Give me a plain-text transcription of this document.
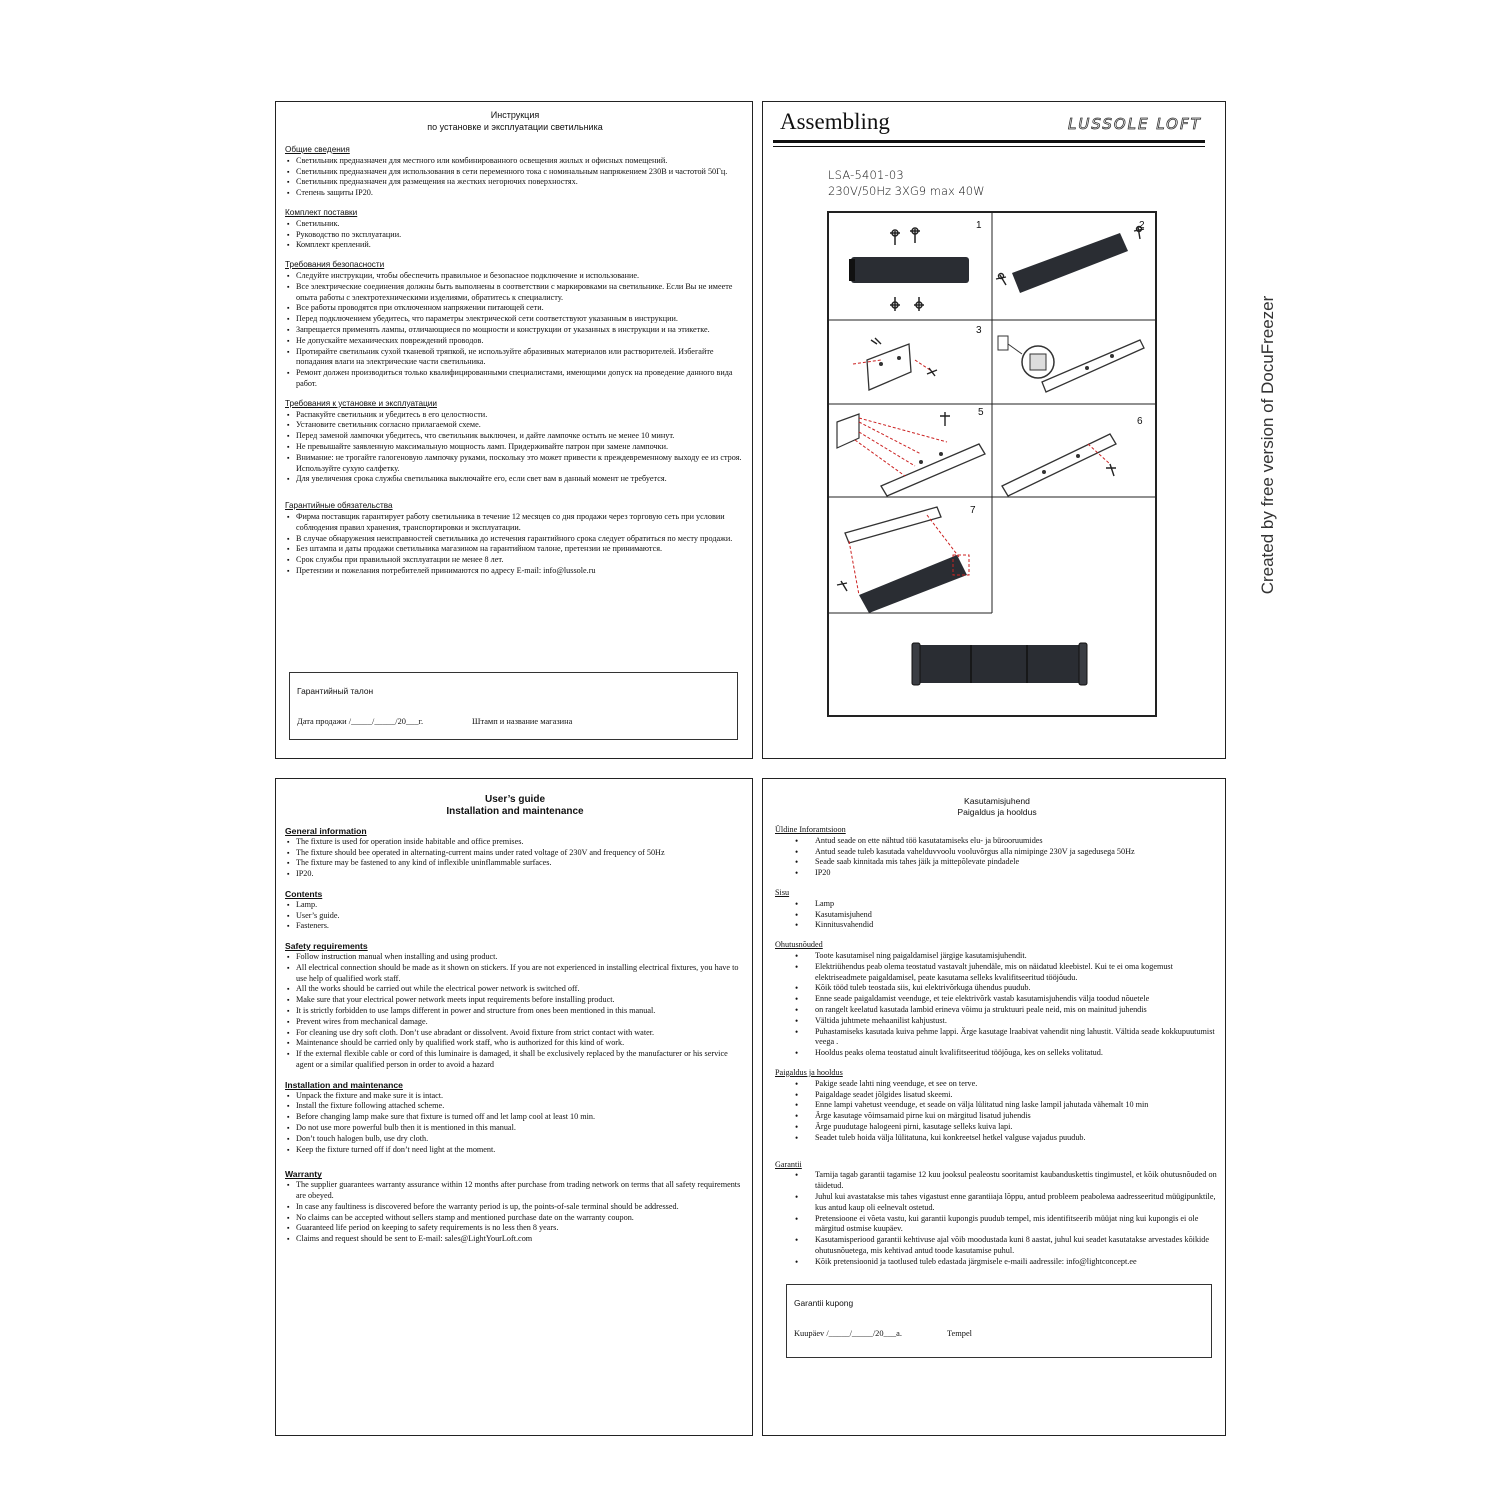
Инструкция
по установке и эксплуатации светильника
Общие сведения
▪ Светильник предназначен для местного или комбинированного освещения жилых и офисных помещений.
▪ Светильник предназначен для использования в сети переменного тока с номинальным напряжением 230В и частотой 50Гц.
▪ Светильник предназначен для размещения на жестких негорючих поверхностях.
▪ Степень защиты IP20.
Комплект поставки
▪ Светильник.
▪ Руководство по эксплуатации.
▪ Комплект креплений.
Требования безопасности
▪ Следуйте инструкции, чтобы обеспечить правильное и безопасное подключение и использование.
▪ Все электрические соединения должны быть выполнены в соответствии с маркировками на светильнике. Если Вы не имеете опыта работы с электротехническими изделиями, обратитесь к специалисту.
▪ Все работы проводятся при отключенном напряжении питающей сети.
▪ Перед подключением убедитесь, что параметры электрической сети соответствуют указанным в инструкции.
▪ Запрещается применять лампы, отличающиеся по мощности и конструкции от указанных в инструкции и на этикетке.
▪ Не допускайте механических повреждений проводов.
▪ Протирайте светильник сухой тканевой тряпкой, не используйте абразивных материалов или растворителей. Избегайте попадания влаги на электрические части светильника.
▪ Ремонт должен производиться только квалифицированными специалистами, имеющими допуск на проведение данного вида работ.
Требования к установке и эксплуатации
▪ Распакуйте светильник и убедитесь в его целостности.
▪ Установите светильник согласно прилагаемой схеме.
▪ Перед заменой лампочки убедитесь, что светильник выключен, и дайте лампочке остыть не менее 10 минут.
▪ Не превышайте заявленную максимальную мощность ламп. Придерживайте патрон при замене лампочки.
▪ Внимание: не трогайте галогеновую лампочку руками, поскольку это может привести к преждевременному выходу ее из строя. Используйте сухую салфетку.
▪ Для увеличения срока службы светильника выключайте его, если свет вам в данный момент не требуется.
Гарантийные обязательства
▪ Фирма поставщик гарантирует работу светильника в течение 12 месяцев со дня продажи через торговую сеть при условии соблюдения правил хранения, транспортировки и эксплуатации.
▪ В случае обнаружения неисправностей светильника до истечения гарантийного срока следует обратиться по месту продажи.
▪ Без штампа и даты продажи светильника магазином на гарантийном талоне, претензии не принимаются.
▪ Срок службы при правильной эксплуатации не менее 8 лет.
▪ Претензии и пожелания потребителей принимаются по адресу E-mail: info@lussole.ru
Гарантийный талон
Дата продажи /_____/_____/20___г.	Штамп и название магазина
Assembling	LUSSOLE LOFT
LSA-5401-03
230V/50Hz 3XG9 max 40W
1	2
3
5
6
7
User’s guide
Installation and maintenance
General information
▪ The fixture is used for operation inside habitable and office premises.
▪ The fixture should bee operated in alternating-current mains under rated voltage of 230V and frequency of 50Hz
▪ The fixture may be fastened to any kind of inflexible uninflammable surfaces.
▪ IP20.
Contents
▪ Lamp.
▪ User’s guide.
▪ Fasteners.
Safety requirements
▪ Follow instruction manual when installing and using product.
▪ All electrical connection should be made as it shown on stickers. If you are not experienced in installing electrical fixtures, you have to use help of qualified work staff.
▪ All the works should be carried out while the electrical power network is switched off.
▪ Make sure that your electrical power network meets input requirements before installing product.
▪ It is strictly forbidden to use lamps different in power and structure from ones been mentioned in this manual.
▪ Prevent wires from mechanical damage.
▪ For cleaning use dry soft cloth. Don’t use abradant or dissolvent. Avoid fixture from strict contact with water.
▪ Maintenance should be carried only by qualified work staff, who is authorized for this kind of work.
▪ If the external flexible cable or cord of this luminaire is damaged, it shall be exclusively replaced by the manufacturer or his service agent or a similar qualified person in order to avoid a hazard
Installation and maintenance
▪ Unpack the fixture and make sure it is intact.
▪ Install the fixture following attached scheme.
▪ Before changing lamp make sure that fixture is turned off and let lamp cool at least 10 min.
▪ Do not use more powerful bulb then it is mentioned in this manual.
▪ Don’t touch halogen bulb, use dry cloth.
▪ Keep the fixture turned off if don’t need light at the moment.
Warranty
▪ The supplier guarantees warranty assurance within 12 months after purchase from trading network on terms that all safety requirements are obeyed.
▪ In case any faultiness is discovered before the warranty period is up, the points-of-sale terminal should be addressed.
▪ No claims can be accepted without sellers stamp and mentioned purchase date on the warranty coupon.
▪ Guaranteed life period on keeping to safety requirements is no less then 8 years.
▪ Claims and request should be sent to E-mail: sales@LightYourLoft.com
Kasutamisjuhend
Paigaldus ja hooldus
Üldine Inforamtsioon
• Antud seade on ette nähtud töö kasutatamiseks elu- ja bürooruumides
• Antud seade tuleb kasutada vahelduvvoolu vooluvõrgus alla nimipinge 230V ja sagedusega 50Hz
• Seade saab kinnitada mis tahes jäik ja mittepõlevate pindadele
• IP20
Sisu
• Lamp
• Kasutamisjuhend
• Kinnitusvahendid
Ohutusnõuded
• Toote kasutamisel ning paigaldamisel järgige kasutamisjuhendit.
• Elektriühendus peab olema teostatud vastavalt juhendäle, mis on näidatud kleebistel. Kui te ei oma kogemust elektriseadmete paigaldamisel, peate kasutama selleks kvalifitseeritud tööjõudu.
• Kõik tööd tuleb teostada siis, kui elektrivõrkuga ühendus puudub.
• Enne seade paigaldamist veenduge, et teie elektrivõrk vastab kasutamisjuhendis välja toodud nõuetele
• on rangelt keelatud kasutada lambid erineva võimu ja struktuuri peale neid, mis on mainitud juhendis
• Vältida juhtmete mehaanilist kahjustust.
• Puhastamiseks kasutada kuiva pehme lappi. Ärge kasutage lraabivat vahendit ning lahustit. Vältida seade kokkupuutumist veega .
• Hooldus peaks olema teostatud ainult kvalifitseeritud tööjõuga, kes on selleks volitatud.
Paigaldus ja hooldus
• Pakige seade lahti ning veenduge, et see on terve.
• Paigaldage seadet jõlgides lisatud skeemi.
• Enne lampi vahetust veenduge, et seade on välja lülitatud ning laske lampil jahutada vähemalt 10 min
• Ärge kasutage võimsamaid pirne kui on märgitud lisatud juhendis
• Ärge puudutage halogeeni pirni, kasutage selleks kuiva lapi.
• Seadet tuleb hoida välja lülitatuna, kui konkreetsel hetkel valguse vajadus puudub.
Garantii
• Tarnija tagab garantii tagamise 12 kuu jooksul pealeostu sooritamist kaubanduskettis tingimustel, et kõik ohutusnõuded on täidetud.
• Juhul kui avastatakse mis tahes vigastust enne garantiiaja lõppu, antud probleem peaboleма aadresseeritud müügipunktile, kus antud kaup oli eelnevalt ostetud.
• Pretensioone ei võeta vastu, kui garantii kupongis puudub tempel, mis identifitseerib müüjat ning kui kupongis ei ole märgitud ostmise kuupäev.
• Kasutamisperiood garantii kehtivuse ajal võib moodustada kuni 8 aastat, juhul kui seadet kasutatakse arvestades kõikide ohutusnõuetega, mis kehtivad antud toode kasutamise puhul.
• Kõik pretensioonid ja taotlused tuleb edastada järgmisele e-maili aadressile: info@lightconcept.ee
Garantii kupong
Kuupäev /_____/_____/20___a.	Tempel
Created by free version of DocuFreezer
